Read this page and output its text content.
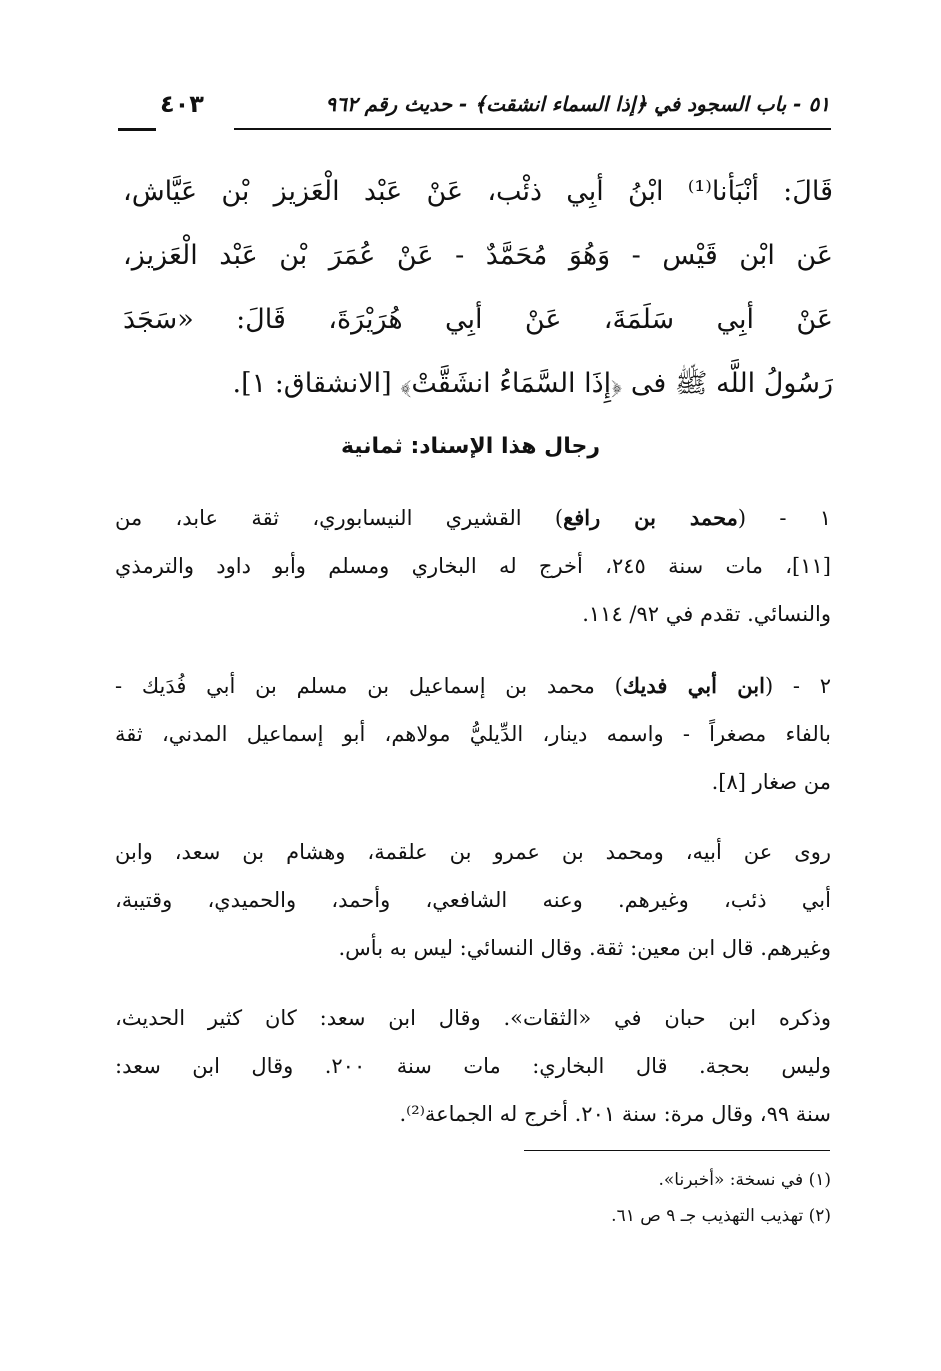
٥١ - باب السجود في ﴿إذا السماء انشقت﴾ - حديث رقم ٩٦٢
٤٠٣
قَالَ: أنْبَأنا⁽¹⁾ ابْنُ أبِي ذئْب، عَنْ عَبْد الْعَزيز بْن عَيَّاش،
عَن ابْن قَيْس - وَهُوَ مُحَمَّدٌ - عَنْ عُمَرَ بْن عَبْد الْعَزيز،
عَنْ أبِي سَلَمَةَ، عَنْ أبِي هُرَيْرَةَ، قَالَ: «سَجَدَ
رَسُولُ اللَّه ﷺ فى ﴿إِذَا السَّمَاءُ انشَقَّتْ﴾ [الانشقاق: ١].
رجال هذا الإسناد: ثمانية
١ - (محمد بن رافع) القشيري النيسابوري، ثقة عابد، من
[١١]، مات سنة ٢٤٥، أخرج له البخاري ومسلم وأبو داود والترمذي
والنسائي. تقدم في ٩٢/ ١١٤.
٢ - (ابن أبي فديك) محمد بن إسماعيل بن مسلم بن أبي فُدَيك -
بالفاء مصغراً - واسمه دينار، الدِّيليُّ مولاهم، أبو إسماعيل المدني، ثقة
من صغار [٨].
روى عن أبيه، ومحمد بن عمرو بن علقمة، وهشام بن سعد، وابن
أبي ذئب، وغيرهم. وعنه الشافعي، وأحمد، والحميدي، وقتيبة،
وغيرهم. قال ابن معين: ثقة. وقال النسائي: ليس به بأس.
وذكره ابن حبان في «الثقات». وقال ابن سعد: كان كثير الحديث،
وليس بحجة. قال البخاري: مات سنة ٢٠٠. وقال ابن سعد:
سنة ٩٩، وقال مرة: سنة ٢٠١. أخرج له الجماعة⁽²⁾.
(١) في نسخة: «أخبرنا».
(٢) تهذيب التهذيب جـ ٩ ص ٦١.
